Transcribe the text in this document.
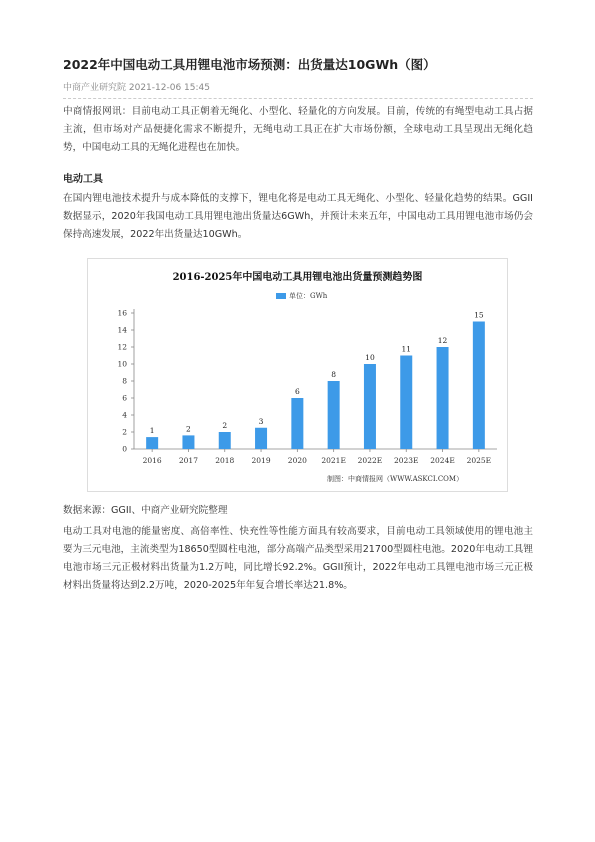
2022年中国电动工具用锂电池市场预测：出货量达10GWh（图）
中商产业研究院 2021-12-06 15:45
中商情报网讯：目前电动工具正朝着无绳化、小型化、轻量化的方向发展。目前，传统的有绳型电动工具占据主流，但市场对产品便捷化需求不断提升，无绳电动工具正在扩大市场份额，全球电动工具呈现出无绳化趋势，中国电动工具的无绳化进程也在加快。
电动工具
在国内锂电池技术提升与成本降低的支撑下，锂电化将是电动工具无绳化、小型化、轻量化趋势的结果。GGII数据显示，2020年我国电动工具用锂电池出货量达6GWh，并预计未来五年，中国电动工具用锂电池市场仍会保持高速发展，2022年出货量达10GWh。
数据来源：GGII、中商产业研究院整理
电动工具对电池的能量密度、高倍率性、快充性等性能方面具有较高要求，目前电动工具领域使用的锂电池主要为三元电池，主流类型为18650型圆柱电池，部分高端产品类型采用21700型圆柱电池。2020年电动工具锂电池市场三元正极材料出货量为1.2万吨，同比增长92.2%。GGII预计，2022年电动工具锂电池市场三元正极材料出货量将达到2.2万吨，2020-2025年年复合增长率达21.8%。
2016-2025年中国电动工具用锂电池出货量预测趋势图
单位：GWh
0
2
4
6
8
10
12
14
16
1
2016
2
2017
2
2018
3
2019
6
2020
8
2021E
10
2022E
11
2023E
12
2024E
15
2025E
制图：中商情报网（WWW.ASKCI.COM）
